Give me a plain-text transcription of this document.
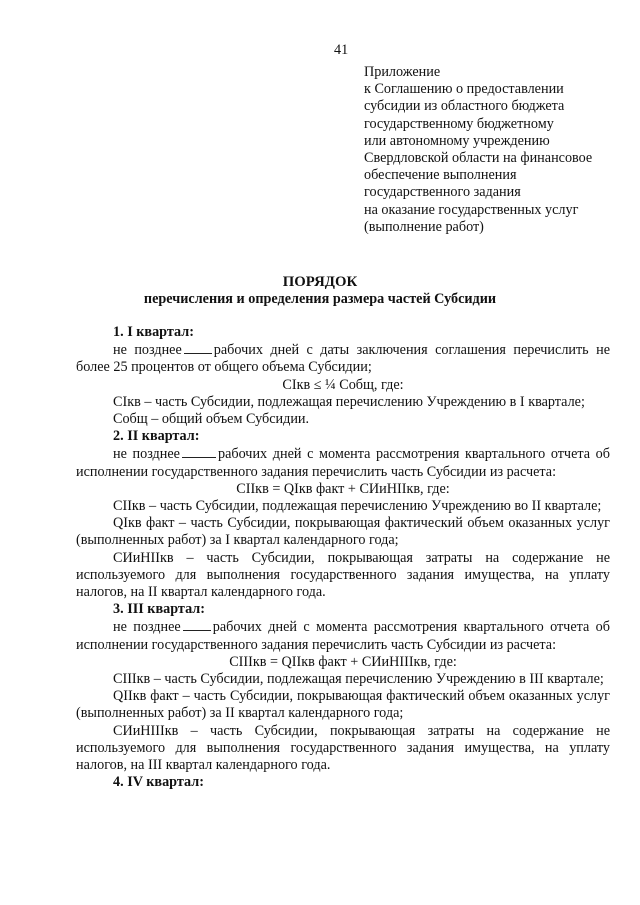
41
Приложение
к Соглашению о предоставлении
субсидии из областного бюджета
государственному бюджетному
или автономному учреждению
Свердловской области на финансовое
обеспечение выполнения
государственного задания
на оказание государственных услуг
(выполнение работ)
ПОРЯДОК
перечисления и определения размера частей Субсидии

1. I квартал:

не позднее рабочих дней с даты заключения соглашения перечислить не более 25 процентов от общего объема Субсидии;

СIкв ≤ ¼ Собщ, где:

СIкв – часть Субсидии, подлежащая перечислению Учреждению в I квартале;

Собщ – общий объем Субсидии.

2. II квартал:

не позднее	рабочих дней с момента рассмотрения квартального отчета об исполнении государственного задания перечислить часть Субсидии из расчета:

СIIкв = QIкв факт + СИиНIIкв, где:

СIIкв – часть Субсидии, подлежащая перечислению Учреждению во II квартале;

QIкв факт – часть Субсидии, покрывающая фактический объем оказанных услуг (выполненных работ) за I квартал календарного года;

СИиНIIкв – часть Субсидии, покрывающая затраты на содержание не используемого для выполнения государственного задания имущества, на уплату налогов, на II квартал календарного года.

3. III квартал:

не позднее рабочих дней с момента рассмотрения квартального отчета об исполнении государственного задания перечислить часть Субсидии из расчета:

СIIIкв = QIIкв факт + СИиНIIIкв, где:

СIIIкв – часть Субсидии, подлежащая перечислению Учреждению в III квартале;

QIIкв факт – часть Субсидии, покрывающая фактический объем оказанных услуг (выполненных работ) за II квартал календарного года;

СИиНIIIкв – часть Субсидии, покрывающая затраты на содержание не используемого для выполнения государственного задания имущества, на уплату налогов, на III квартал календарного года.

4. IV квартал:
